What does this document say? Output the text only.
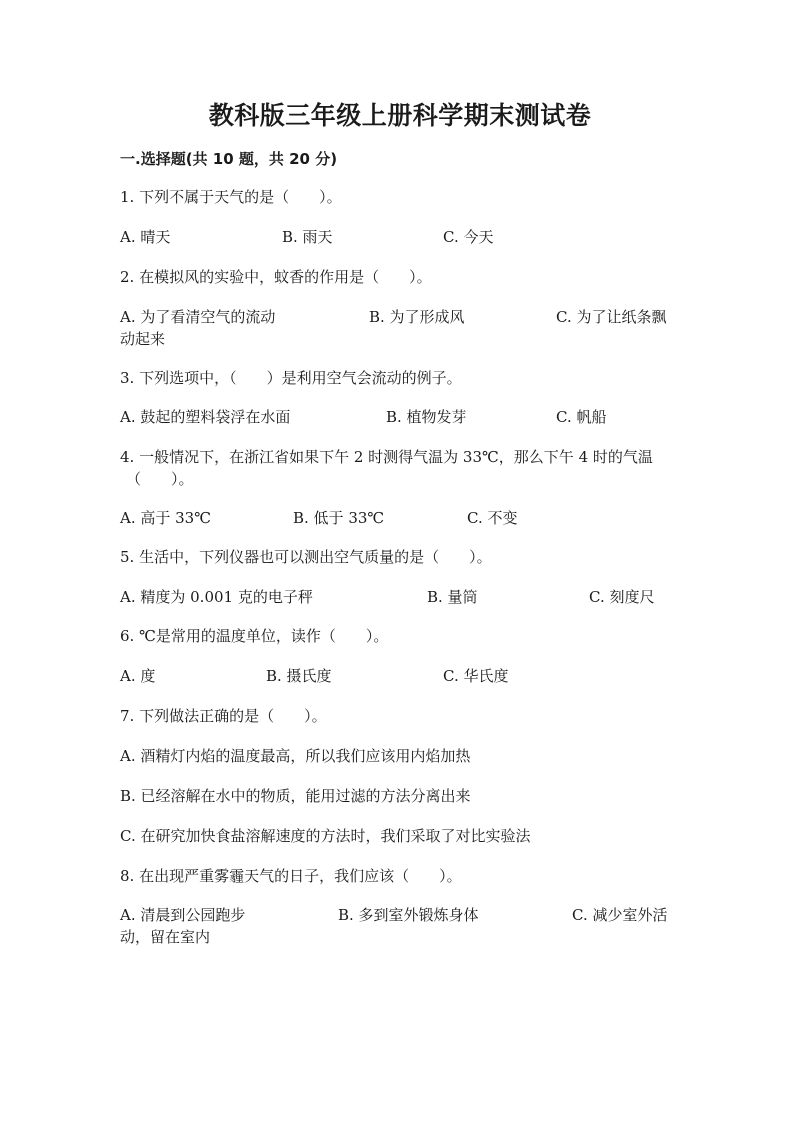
教科版三年级上册科学期末测试卷
一.选择题(共 10 题，共 20 分)
1. 下列不属于天气的是（　　）。
A. 晴天	B. 雨天	C. 今天
2. 在模拟风的实验中，蚊香的作用是（　　）。
A. 为了看清空气的流动	B. 为了形成风	C. 为了让纸条飘
动起来
3. 下列选项中，（　　）是利用空气会流动的例子。
A. 鼓起的塑料袋浮在水面	B. 植物发芽	C. 帆船
4. 一般情况下，在浙江省如果下午 2 时测得气温为 33℃，那么下午 4 时的气温
（　　）。
A. 高于 33℃	B. 低于 33℃	C. 不变
5. 生活中，下列仪器也可以测出空气质量的是（　　）。
A. 精度为 0.001 克的电子秤	B. 量筒	C. 刻度尺
6. ℃是常用的温度单位，读作（　　）。
A. 度	B. 摄氏度	C. 华氏度
7. 下列做法正确的是（　　）。
A. 酒精灯内焰的温度最高，所以我们应该用内焰加热
B. 已经溶解在水中的物质，能用过滤的方法分离出来
C. 在研究加快食盐溶解速度的方法时，我们采取了对比实验法
8. 在出现严重雾霾天气的日子，我们应该（　　）。
A. 清晨到公园跑步	B. 多到室外锻炼身体	C. 减少室外活
动，留在室内
